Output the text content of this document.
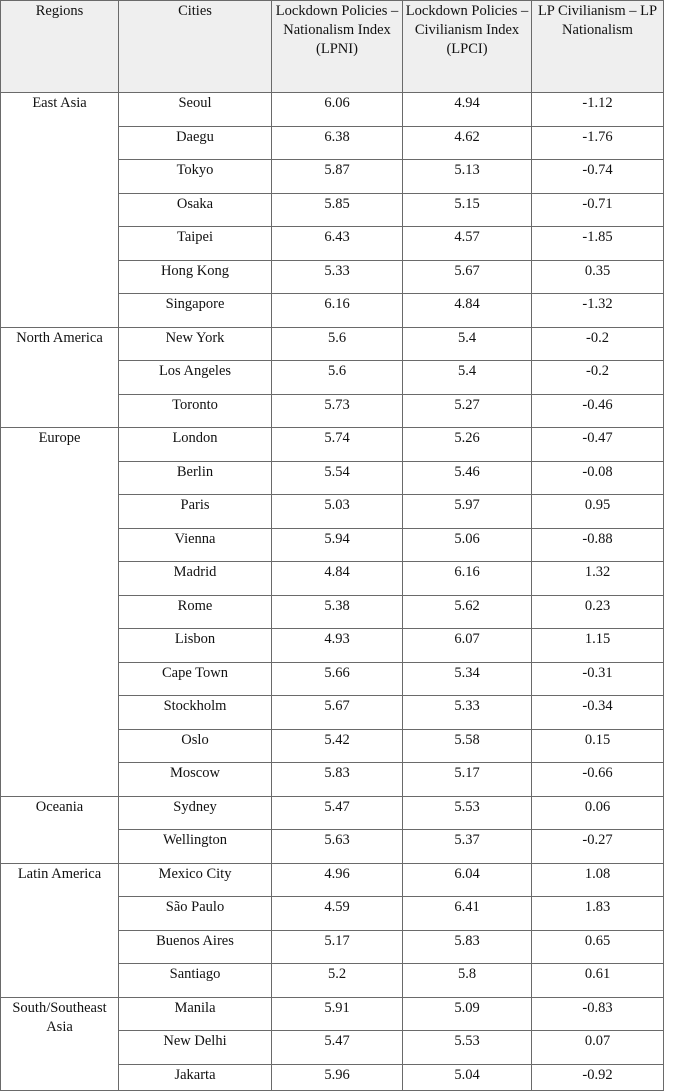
Regions	Cities	Lockdown Policies – Nationalism Index (LPNI)	Lockdown Policies – Civilianism Index (LPCI)	LP Civilianism – LP Nationalism
East Asia	Seoul	6.06	4.94	-1.12
	Daegu	6.38	4.62	-1.76
	Tokyo	5.87	5.13	-0.74
	Osaka	5.85	5.15	-0.71
	Taipei	6.43	4.57	-1.85
	Hong Kong	5.33	5.67	0.35
	Singapore	6.16	4.84	-1.32
North America	New York	5.6	5.4	-0.2
	Los Angeles	5.6	5.4	-0.2
	Toronto	5.73	5.27	-0.46
Europe	London	5.74	5.26	-0.47
	Berlin	5.54	5.46	-0.08
	Paris	5.03	5.97	0.95
	Vienna	5.94	5.06	-0.88
	Madrid	4.84	6.16	1.32
	Rome	5.38	5.62	0.23
	Lisbon	4.93	6.07	1.15
	Cape Town	5.66	5.34	-0.31
	Stockholm	5.67	5.33	-0.34
	Oslo	5.42	5.58	0.15
	Moscow	5.83	5.17	-0.66
Oceania	Sydney	5.47	5.53	0.06
	Wellington	5.63	5.37	-0.27
Latin America	Mexico City	4.96	6.04	1.08
	São Paulo	4.59	6.41	1.83
	Buenos Aires	5.17	5.83	0.65
	Santiago	5.2	5.8	0.61
South/Southeast Asia	Manila	5.91	5.09	-0.83
	New Delhi	5.47	5.53	0.07
	Jakarta	5.96	5.04	-0.92
